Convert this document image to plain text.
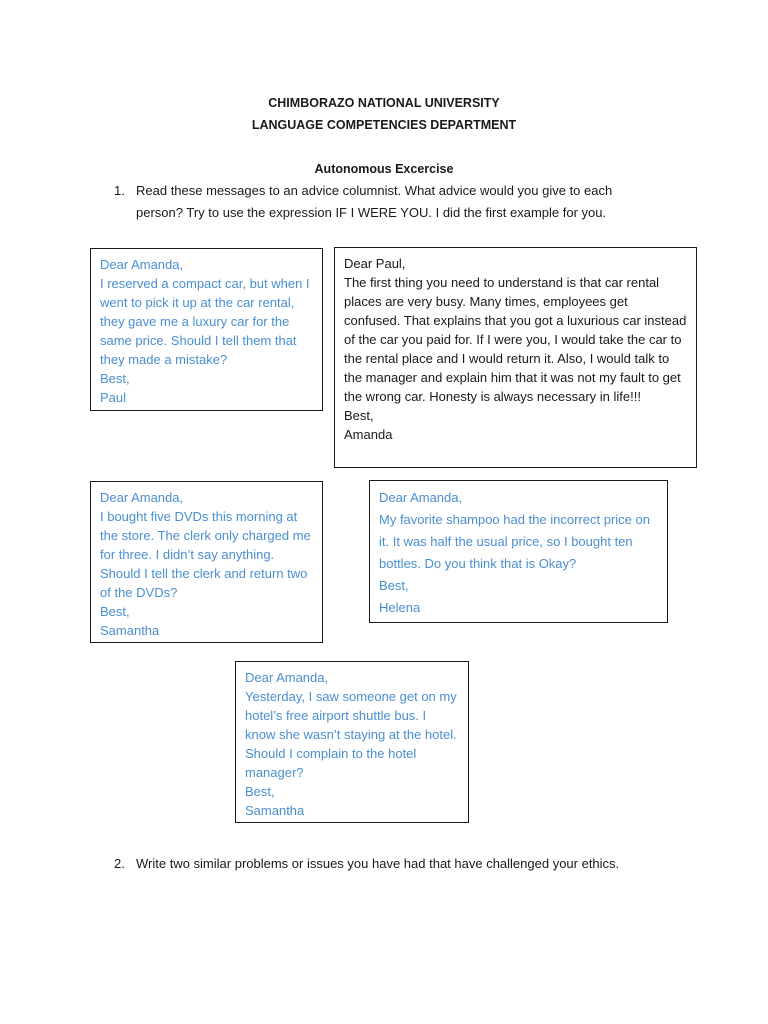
CHIMBORAZO NATIONAL UNIVERSITY
LANGUAGE COMPETENCIES DEPARTMENT
Autonomous Excercise
1. Read these messages to an advice columnist. What advice would you give to each
person? Try to use the expression IF I WERE YOU. I did the first example for you.

Dear Amanda,

I reserved a compact car, but when I went to pick it up at the car rental, they gave me a luxury car for the same price. Should I tell them that they made a mistake?

Best,

Paul

Dear Paul,

The first thing you need to understand is that car rental places are very busy. Many times, employees get confused. That explains that you got a luxurious car instead of the car you paid for. If I were you, I would take the car to the rental place and I would return it. Also, I would talk to the manager and explain him that it was not my fault to get the wrong car. Honesty is always necessary in life!!!

Best,

Amanda

Dear Amanda,

I bought five DVDs this morning at the store. The clerk only charged me for three. I didn’t say anything. Should I tell the clerk and return two of the DVDs?

Best,

Samantha

Dear Amanda,

My favorite shampoo had the incorrect price on it. It was half the usual price, so I bought ten bottles. Do you think that is Okay?

Best,

Helena

Dear Amanda,

Yesterday, I saw someone get on my hotel’s free airport shuttle bus. I know she wasn’t staying at the hotel. Should I complain to the hotel manager?

Best,

Samantha

2. Write two similar problems or issues you have had that have challenged your ethics.
